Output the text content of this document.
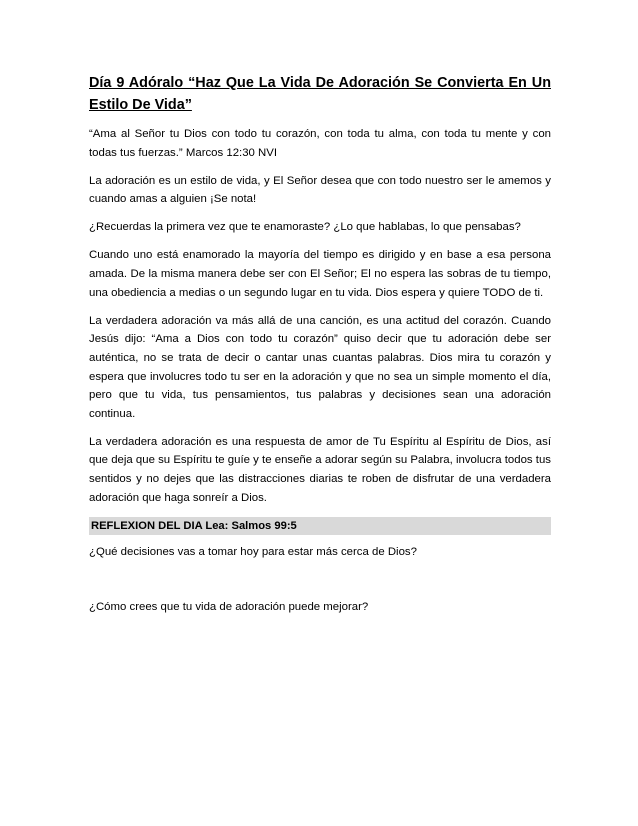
Día 9 Adóralo “Haz Que La Vida De Adoración Se Convierta En Un Estilo De Vida”

“Ama al Señor tu Dios con todo tu corazón, con toda tu alma, con toda tu mente y con todas tus fuerzas.” Marcos 12:30 NVI

La adoración es un estilo de vida, y El Señor desea que con todo nuestro ser le amemos y cuando amas a alguien ¡Se nota!

¿Recuerdas la primera vez que te enamoraste? ¿Lo que hablabas, lo que pensabas?

Cuando uno está enamorado la mayoría del tiempo es dirigido y en base a esa persona amada. De la misma manera debe ser con El Señor; El no espera las sobras de tu tiempo, una obediencia a medias o un segundo lugar en tu vida. Dios espera y quiere TODO de ti.

La verdadera adoración va más allá de una canción, es una actitud del corazón. Cuando Jesús dijo: “Ama a Dios con todo tu corazón” quiso decir que tu adoración debe ser auténtica, no se trata de decir o cantar unas cuantas palabras. Dios mira tu corazón y espera que involucres todo tu ser en la adoración y que no sea un simple momento el día, pero que tu vida, tus pensamientos, tus palabras y decisiones sean una adoración continua.

La verdadera adoración es una respuesta de amor de Tu Espíritu al Espíritu de Dios, así que deja que su Espíritu te guíe y te enseñe a adorar según su Palabra, involucra todos tus sentidos y no dejes que las distracciones diarias te roben de disfrutar de una verdadera adoración que haga sonreír a Dios.

REFLEXION DEL DIA Lea: Salmos 99:5

¿Qué decisiones vas a tomar hoy para estar más cerca de Dios?

¿Cómo crees que tu vida de adoración puede mejorar?
